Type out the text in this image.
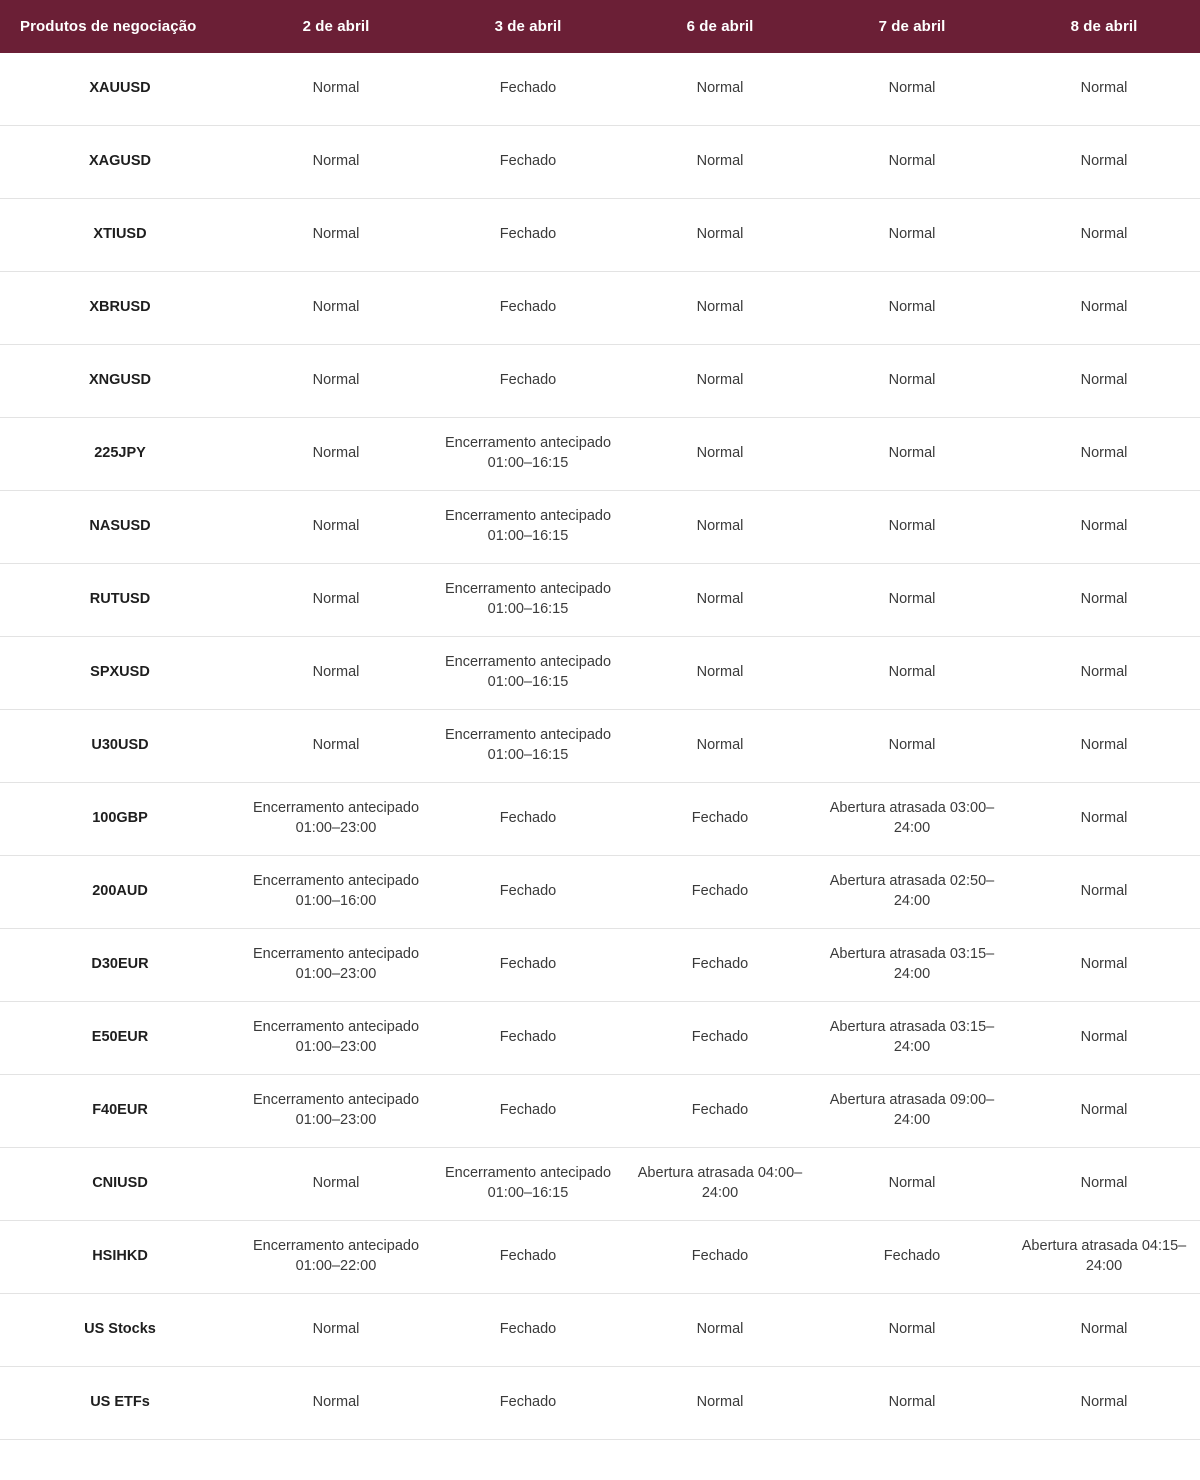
Produtos de negociação	2 de abril	3 de abril	6 de abril	7 de abril	8 de abril
XAUUSD	Normal	Fechado	Normal	Normal	Normal

XAGUSD	Normal	Fechado	Normal	Normal	Normal

XTIUSD	Normal	Fechado	Normal	Normal	Normal

XBRUSD	Normal	Fechado	Normal	Normal	Normal

XNGUSD	Normal	Fechado	Normal	Normal	Normal

225JPY	Normal	Encerramento antecipado 01:00–16:15	Normal	Normal	Normal

NASUSD	Normal	Encerramento antecipado 01:00–16:15	Normal	Normal	Normal

RUTUSD	Normal	Encerramento antecipado 01:00–16:15	Normal	Normal	Normal

SPXUSD	Normal	Encerramento antecipado 01:00–16:15	Normal	Normal	Normal

U30USD	Normal	Encerramento antecipado 01:00–16:15	Normal	Normal	Normal

100GBP	Encerramento antecipado 01:00–23:00	Fechado	Fechado	Abertura atrasada 03:00–24:00	Normal

200AUD	Encerramento antecipado 01:00–16:00	Fechado	Fechado	Abertura atrasada 02:50–24:00	Normal

D30EUR	Encerramento antecipado 01:00–23:00	Fechado	Fechado	Abertura atrasada 03:15–24:00	Normal

E50EUR	Encerramento antecipado 01:00–23:00	Fechado	Fechado	Abertura atrasada 03:15–24:00	Normal

F40EUR	Encerramento antecipado 01:00–23:00	Fechado	Fechado	Abertura atrasada 09:00–24:00	Normal

CNIUSD	Normal	Encerramento antecipado 01:00–16:15	Abertura atrasada 04:00–24:00	Normal	Normal

HSIHKD	Encerramento antecipado 01:00–22:00	Fechado	Fechado	Fechado	Abertura atrasada 04:15–24:00

US Stocks	Normal	Fechado	Normal	Normal	Normal

US ETFs	Normal	Fechado	Normal	Normal	Normal
